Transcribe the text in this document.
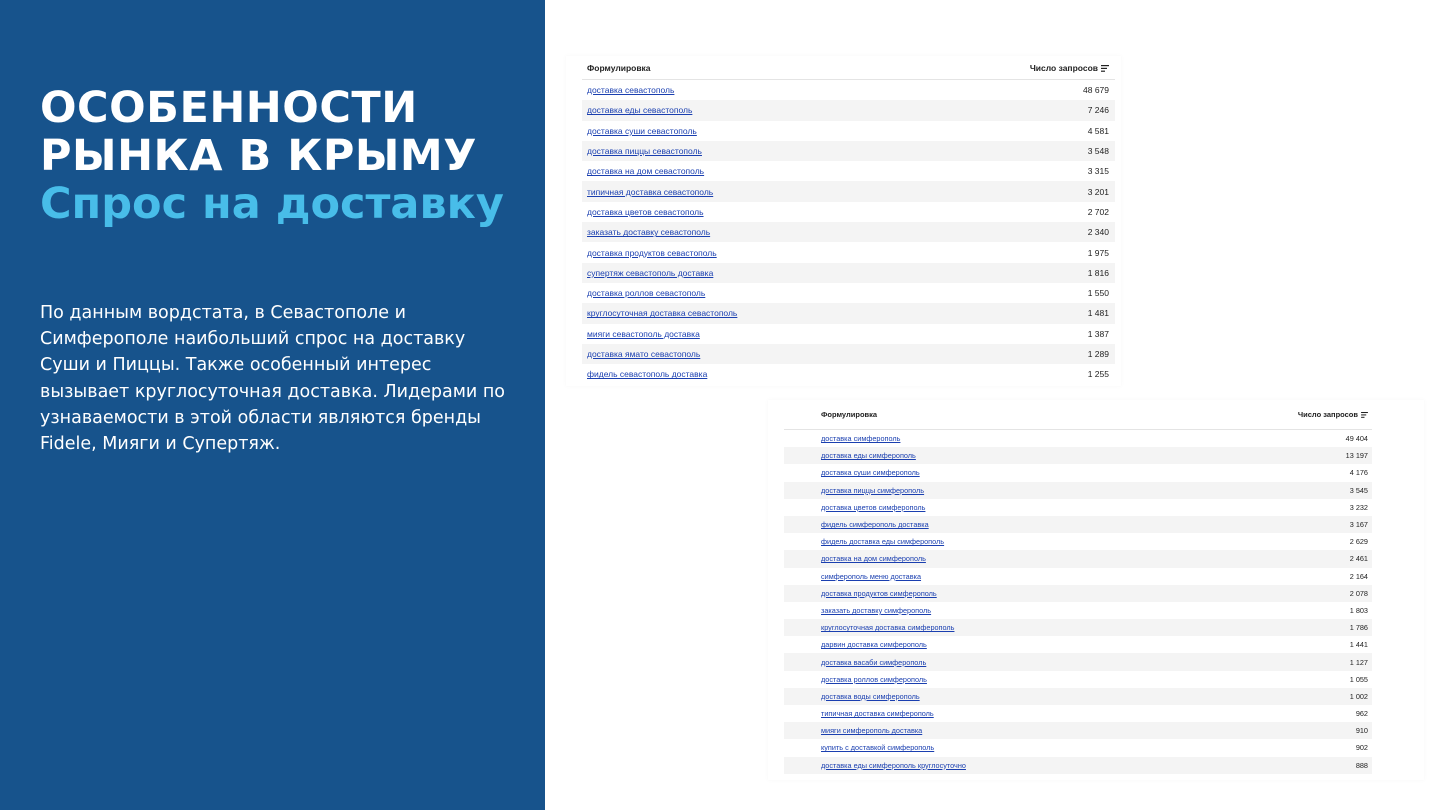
ОСОБЕННОСТИ
РЫНКА В КРЫМУ
Спрос на доставку
По данным вордстата, в Севастополе и Симферополе наибольший спрос на доставку Суши и Пиццы. Также особенный интерес вызывает круглосуточная доставка. Лидерами по узнаваемости в этой области являются бренды Fidele, Мияги и Супертяж.
Формулировка	Число запросов
доставка севастополь	48 679
доставка еды севастополь	7 246
доставка суши севастополь	4 581
доставка пиццы севастополь	3 548
доставка на дом севастополь	3 315
типичная доставка севастополь	3 201
доставка цветов севастополь	2 702
заказать доставку севастополь	2 340
доставка продуктов севастополь	1 975
супертяж севастополь доставка	1 816
доставка роллов севастополь	1 550
круглосуточная доставка севастополь	1 481
мияги севастополь доставка	1 387
доставка ямато севастополь	1 289
фидель севастополь доставка	1 255
Формулировка	Число запросов
доставка симферополь	49 404
доставка еды симферополь	13 197
доставка суши симферополь	4 176
доставка пиццы симферополь	3 545
доставка цветов симферополь	3 232
фидель симферополь доставка	3 167
фидель доставка еды симферополь	2 629
доставка на дом симферополь	2 461
симферополь меню доставка	2 164
доставка продуктов симферополь	2 078
заказать доставку симферополь	1 803
круглосуточная доставка симферополь	1 786
дарвин доставка симферополь	1 441
доставка васаби симферополь	1 127
доставка роллов симферополь	1 055
доставка воды симферополь	1 002
типичная доставка симферополь	962
мияги симферополь доставка	910
купить с доставкой симферополь	902
доставка еды симферополь круглосуточно	888
